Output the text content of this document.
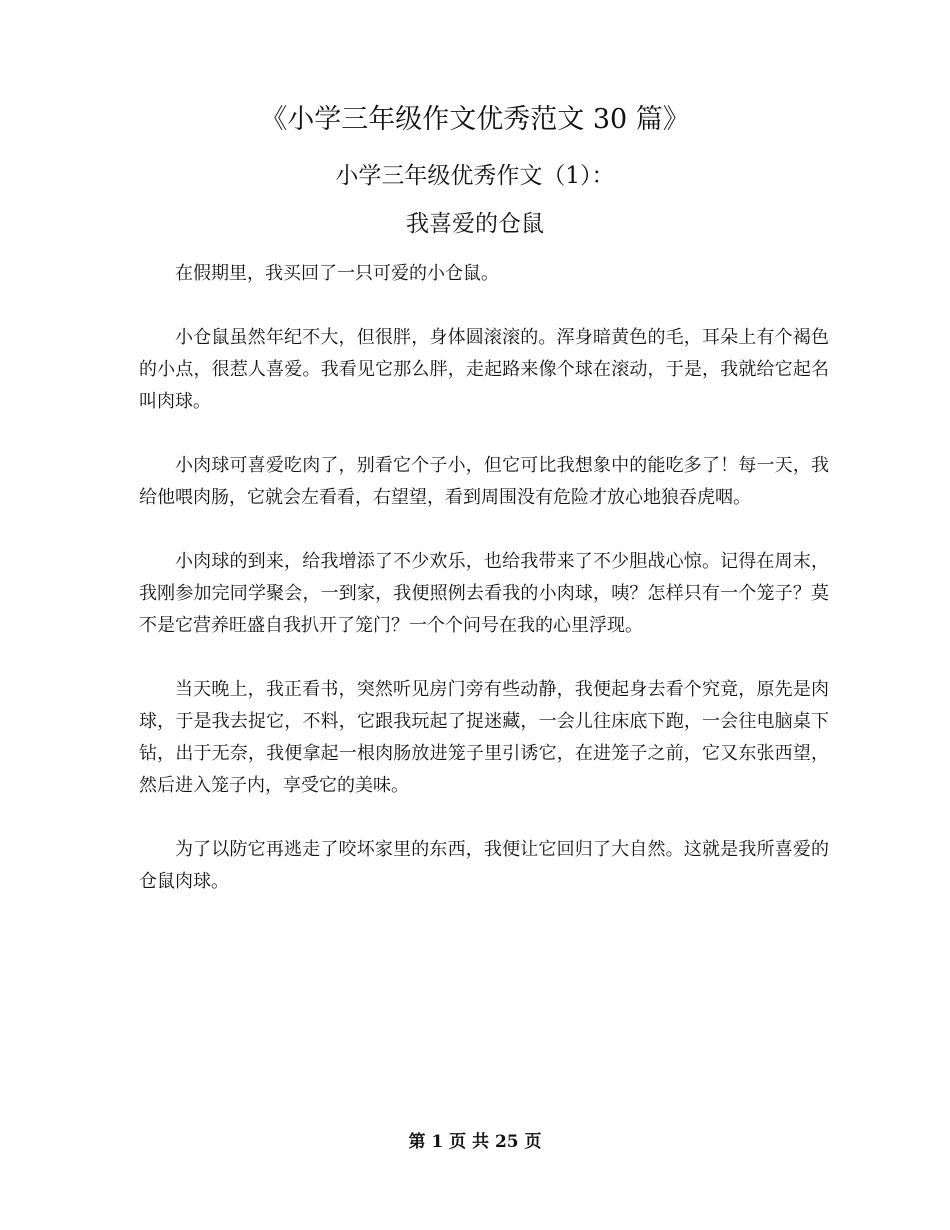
《小学三年级作文优秀范文 30 篇》
小学三年级优秀作文（1）：
我喜爱的仓鼠

在假期里，我买回了一只可爱的小仓鼠。

小仓鼠虽然年纪不大，但很胖，身体圆滚滚的。浑身暗黄色的毛，耳朵上有个褐色的小点，很惹人喜爱。我看见它那么胖，走起路来像个球在滚动，于是，我就给它起名叫肉球。

小肉球可喜爱吃肉了，别看它个子小，但它可比我想象中的能吃多了！每一天，我给他喂肉肠，它就会左看看，右望望，看到周围没有危险才放心地狼吞虎咽。

小肉球的到来，给我增添了不少欢乐，也给我带来了不少胆战心惊。记得在周末，我刚参加完同学聚会，一到家，我便照例去看我的小肉球，咦？怎样只有一个笼子？莫不是它营养旺盛自我扒开了笼门？一个个问号在我的心里浮现。

当天晚上，我正看书，突然听见房门旁有些动静，我便起身去看个究竟，原先是肉球，于是我去捉它，不料，它跟我玩起了捉迷藏，一会儿往床底下跑，一会往电脑桌下钻，出于无奈，我便拿起一根肉肠放进笼子里引诱它，在进笼子之前，它又东张西望，然后进入笼子内，享受它的美味。

为了以防它再逃走了咬坏家里的东西，我便让它回归了大自然。这就是我所喜爱的仓鼠肉球。

第 1 页 共 25 页
